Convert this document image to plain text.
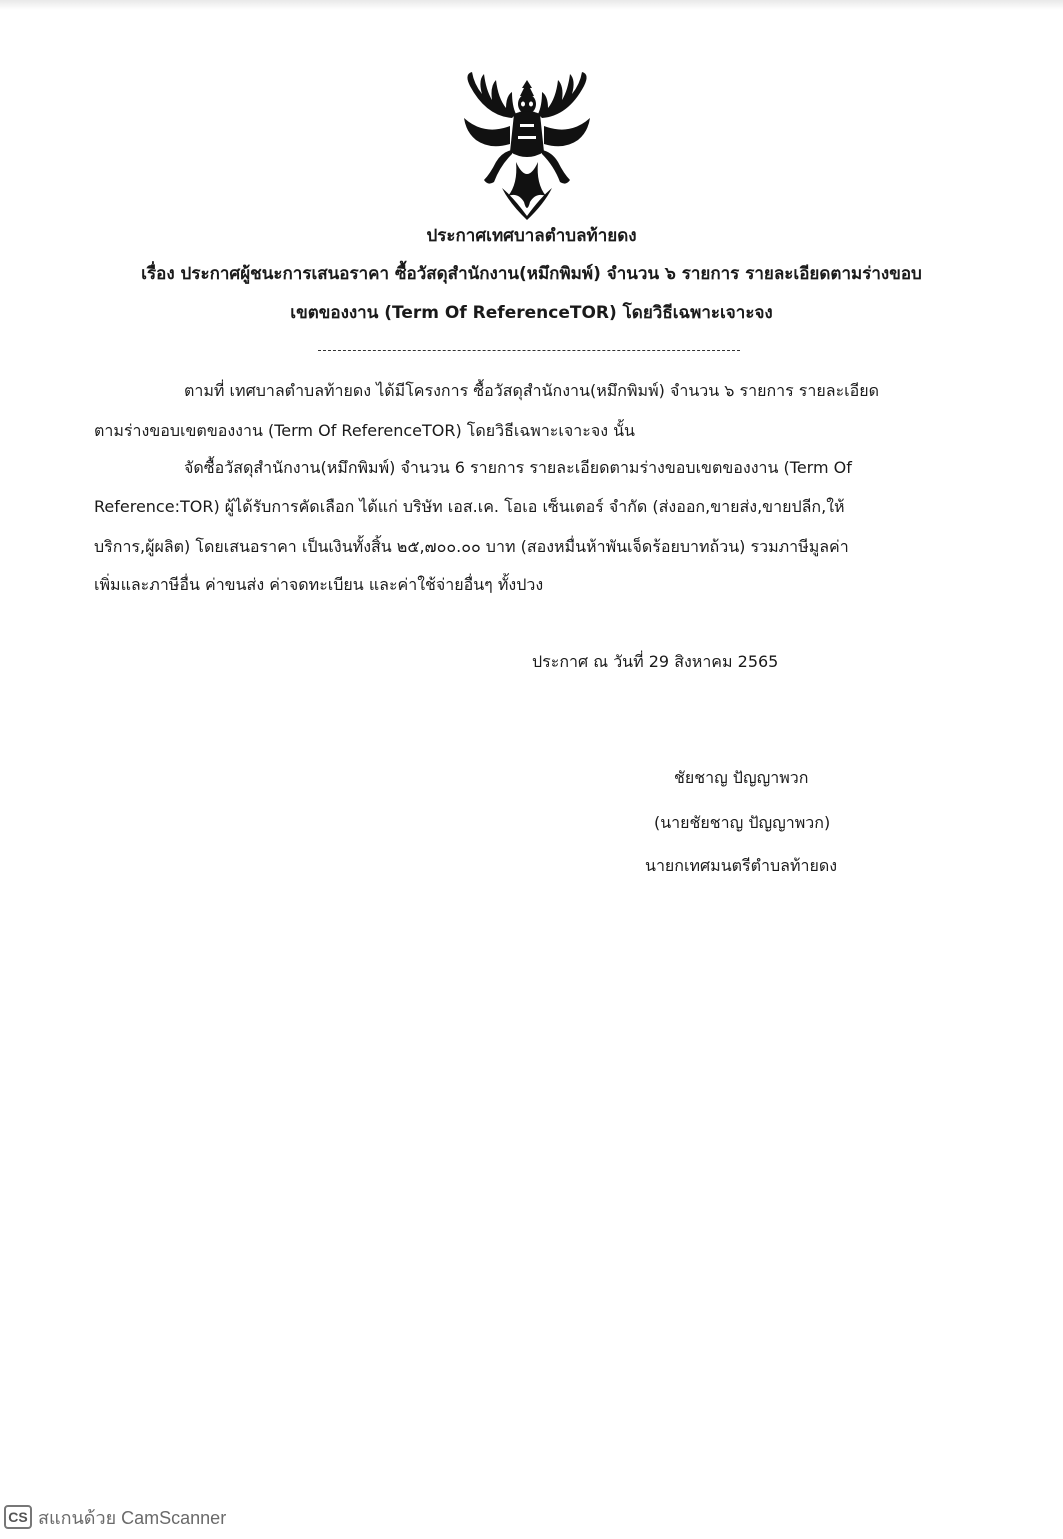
ประกาศเทศบาลตำบลท้ายดง
เรื่อง ประกาศผู้ชนะการเสนอราคา ซื้อวัสดุสำนักงาน(หมึกพิมพ์) จำนวน ๖ รายการ รายละเอียดตามร่างขอบ
เขตของงาน (Term Of ReferenceTOR) โดยวิธีเฉพาะเจาะจง
ตามที่ เทศบาลตำบลท้ายดง ได้มีโครงการ ซื้อวัสดุสำนักงาน(หมึกพิมพ์) จำนวน ๖ รายการ รายละเอียด
ตามร่างขอบเขตของงาน (Term Of ReferenceTOR) โดยวิธีเฉพาะเจาะจง นั้น
จัดซื้อวัสดุสำนักงาน(หมึกพิมพ์) จำนวน 6 รายการ รายละเอียดตามร่างขอบเขตของงาน (Term Of
Reference:TOR) ผู้ได้รับการคัดเลือก ได้แก่ บริษัท เอส.เค. โอเอ เซ็นเตอร์ จำกัด (ส่งออก,ขายส่ง,ขายปลีก,ให้
บริการ,ผู้ผลิต) โดยเสนอราคา เป็นเงินทั้งสิ้น ๒๕,๗๐๐.๐๐ บาท (สองหมื่นห้าพันเจ็ดร้อยบาทถ้วน) รวมภาษีมูลค่า
เพิ่มและภาษีอื่น ค่าขนส่ง ค่าจดทะเบียน และค่าใช้จ่ายอื่นๆ ทั้งปวง
ประกาศ ณ วันที่ 29 สิงหาคม 2565
ชัยชาญ ปัญญาพวก
(นายชัยชาญ ปัญญาพวก)
นายกเทศมนตรีตำบลท้ายดง
CS สแกนด้วย CamScanner
